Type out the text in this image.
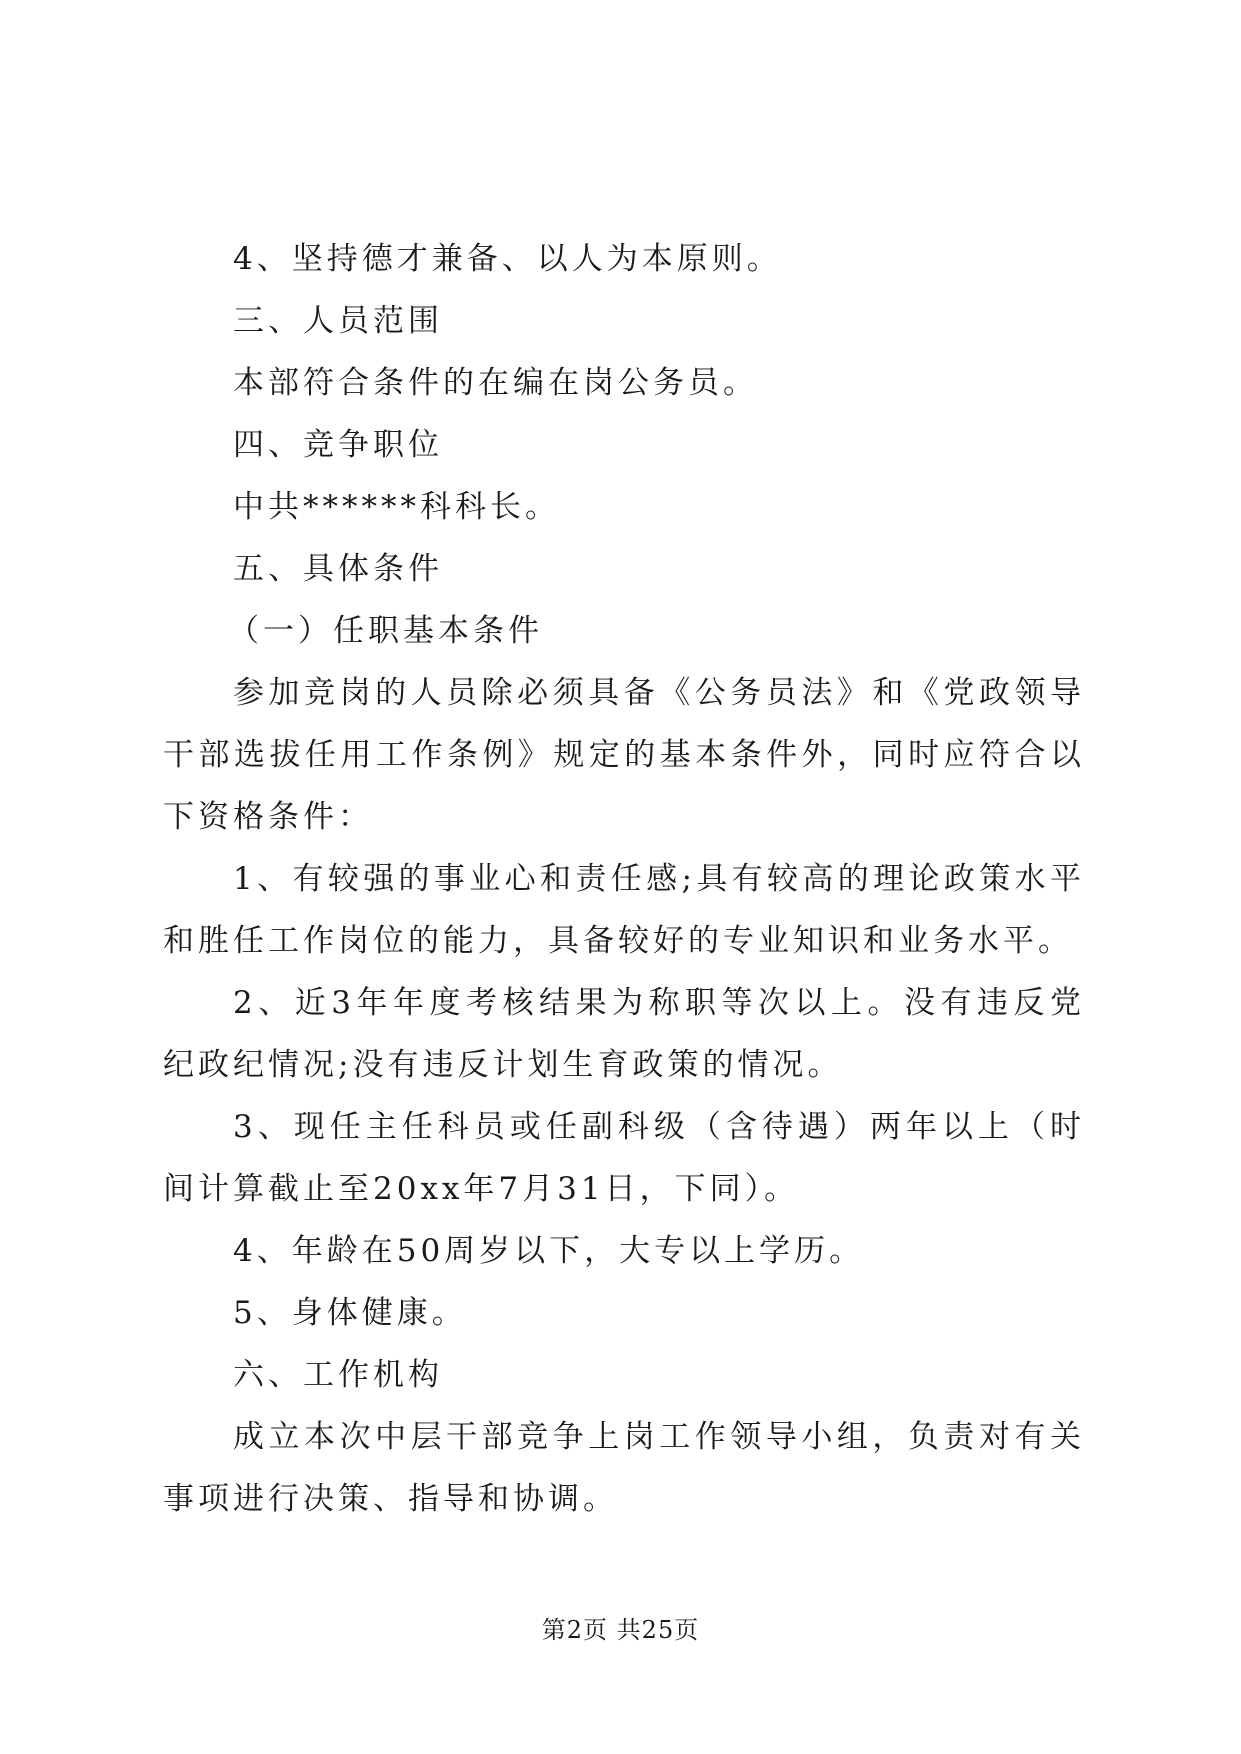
4、坚持德才兼备、以人为本原则。

三、人员范围

本部符合条件的在编在岗公务员。

四、竞争职位

中共******科科长。

五、具体条件

（一）任职基本条件

参加竞岗的人员除必须具备《公务员法》和《党政领导干部选拔任用工作条例》规定的基本条件外，同时应符合以下资格条件：

1、有较强的事业心和责任感;具有较高的理论政策水平和胜任工作岗位的能力，具备较好的专业知识和业务水平。

2、近3年年度考核结果为称职等次以上。没有违反党纪政纪情况;没有违反计划生育政策的情况。

3、现任主任科员或任副科级（含待遇）两年以上（时间计算截止至20xx年7月31日，下同）。

4、年龄在50周岁以下，大专以上学历。

5、身体健康。

六、工作机构

成立本次中层干部竞争上岗工作领导小组，负责对有关事项进行决策、指导和协调。

第2页 共25页
